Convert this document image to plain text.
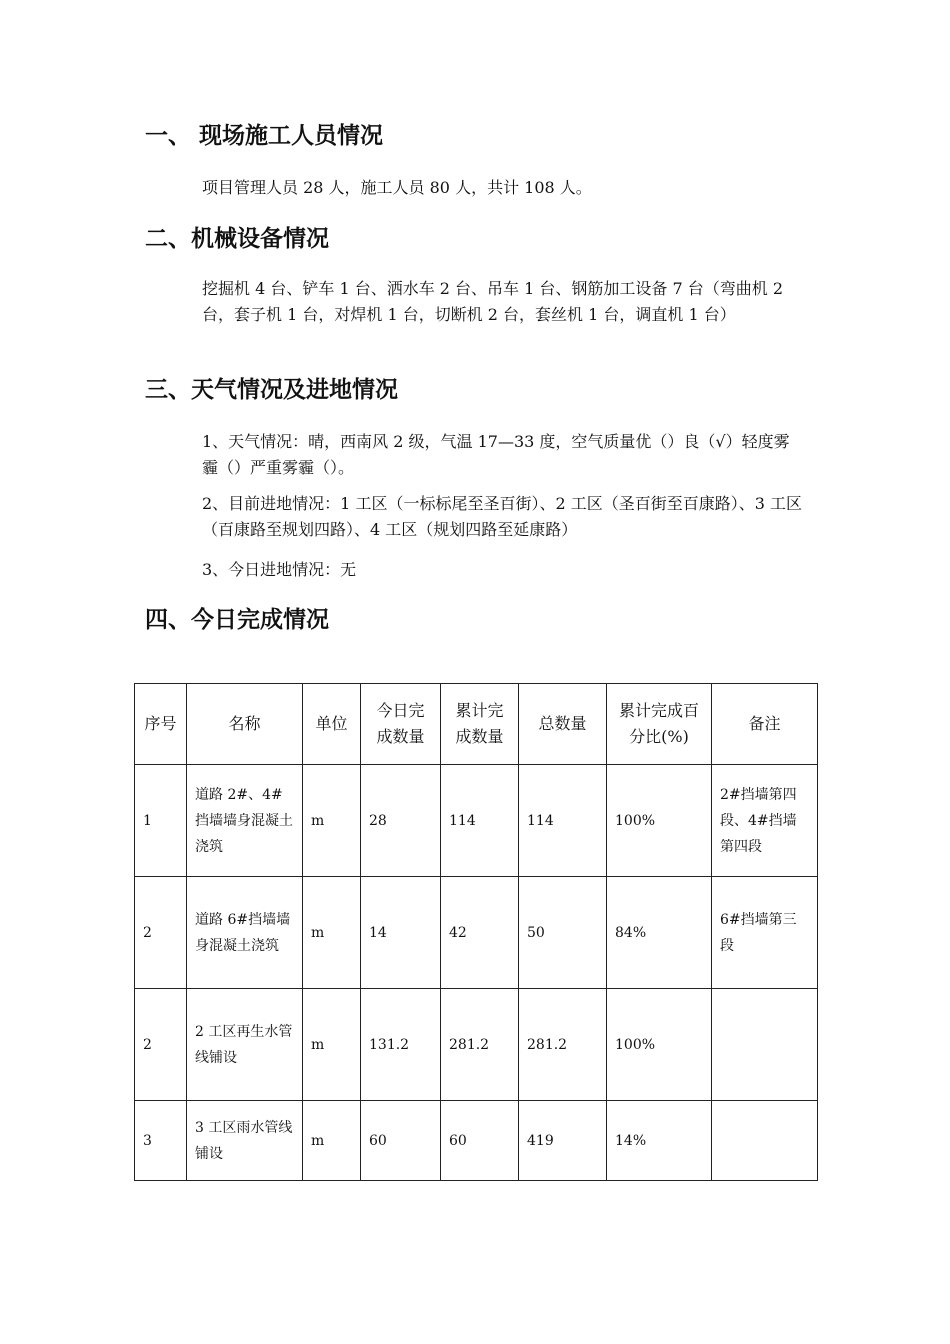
一、 现场施工人员情况

项目管理人员 28 人，施工人员 80 人，共计 108 人。

二、机械设备情况

挖掘机 4 台、铲车 1 台、洒水车 2 台、吊车 1 台、钢筋加工设备 7 台（弯曲机 2 台，套子机 1 台，对焊机 1 台，切断机 2 台，套丝机 1 台，调直机 1 台）

三、天气情况及进地情况

1、天气情况：晴，西南风 2 级，气温 17—33 度，空气质量优（）良（√）轻度雾霾（）严重雾霾（）。

2、目前进地情况：1 工区（一标标尾至圣百街）、2 工区（圣百街至百康路）、3 工区（百康路至规划四路）、4 工区（规划四路至延康路）

3、今日进地情况：无

四、今日完成情况
序号	名称	单位	今日完成数量	累计完成数量	总数量	累计完成百分比(%)	备注
1	道路 2#、4#挡墙墙身混凝土浇筑	m	28	114	114	100%	2#挡墙第四段、4#挡墙第四段
2	道路 6#挡墙墙身混凝土浇筑	m	14	42	50	84%	6#挡墙第三段
2	2 工区再生水管线铺设	m	131.2	281.2	281.2	100%	
3	3 工区雨水管线铺设	m	60	60	419	14%	
